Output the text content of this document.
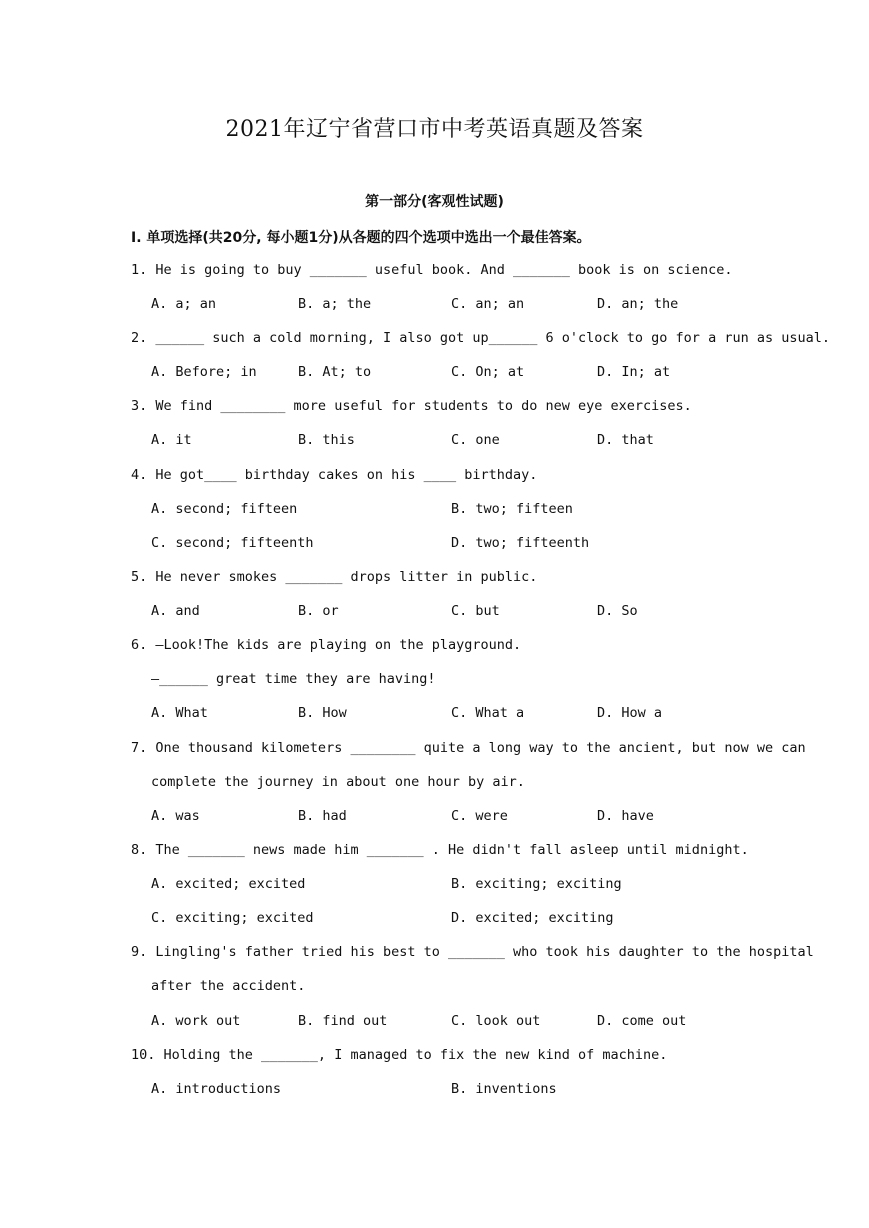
2021年辽宁省营口市中考英语真题及答案
第一部分(客观性试题)
Ⅰ. 单项选择(共20分, 每小题1分)从各题的四个选项中选出一个最佳答案。
1. He is going to buy _______ useful book. And _______ book is on science.
A. a; an	B. a; the	C. an; an	D. an; the
2. ______ such a cold morning, I also got up______ 6 o'clock to go for a run as usual.
A. Before; in	B. At; to	C. On; at	D. In; at
3. We find ________ more useful for students to do new eye exercises.
A. it	B. this	C. one	D. that
4. He got____ birthday cakes on his ____ birthday.
A. second; fifteen	B. two; fifteen
C. second; fifteenth	D. two; fifteenth
5. He never smokes _______ drops litter in public.
A. and	B. or	C. but	D. So
6. —Look!The kids are playing on the playground.
—______ great time they are having!
A. What	B. How	C. What a	D. How a
7. One thousand kilometers ________ quite a long way to the ancient, but now we can
complete the journey in about one hour by air.
A. was	B. had	C. were	D. have
8. The _______ news made him _______ . He didn't fall asleep until midnight.
A. excited; excited	B. exciting; exciting
C. exciting; excited	D. excited; exciting
9. Lingling's father tried his best to _______ who took his daughter to the hospital
after the accident.
A. work out	B. find out	C. look out	D. come out
10. Holding the _______, I managed to fix the new kind of machine.
A. introductions	B. inventions
